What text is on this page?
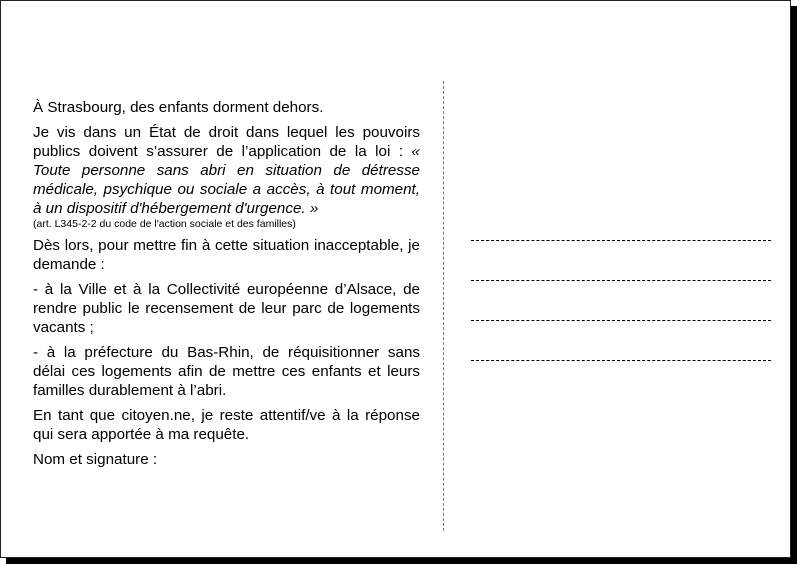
À Strasbourg, des enfants dorment dehors.

Je vis dans un État de droit dans lequel les pouvoirs publics doivent s’assurer de l’application de la loi : « Toute personne sans abri en situation de détresse médicale, psychique ou sociale a accès, à tout moment, à un dispositif d'hébergement d'urgence. »
(art. L345-2-2 du code de l'action sociale et des familles)

Dès lors, pour mettre fin à cette situation inacceptable, je demande :

- à la Ville et à la Collectivité européenne d’Alsace, de rendre public le recensement de leur parc de logements vacants ;

- à la préfecture du Bas-Rhin, de réquisitionner sans délai ces logements afin de mettre ces enfants et leurs familles durablement à l’abri.

En tant que citoyen.ne, je reste attentif/ve à la réponse qui sera apportée à ma requête.

Nom et signature :
